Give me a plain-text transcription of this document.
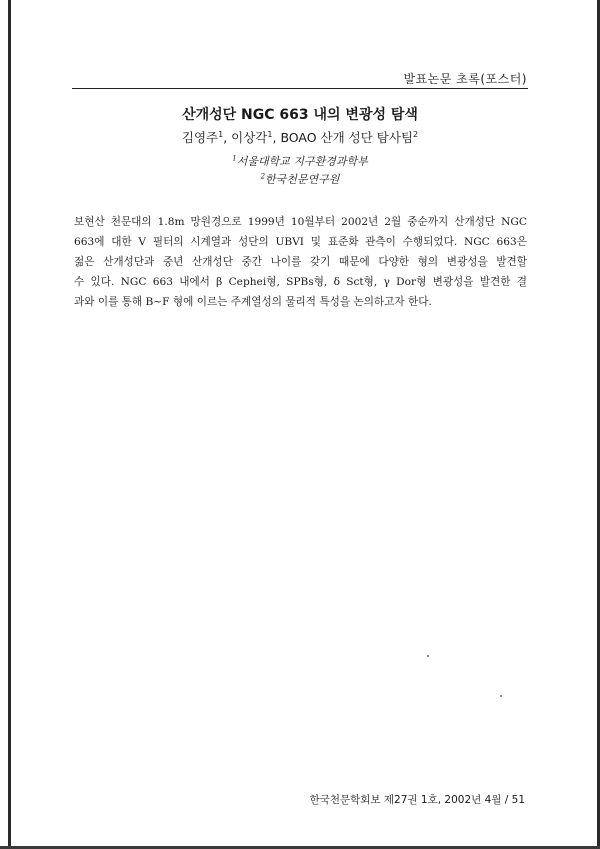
발표논문 초록(포스터)
산개성단 NGC 663 내의 변광성 탐색
김영주$^1$, 이상각$^1$, BOAO 산개 성단 탐사팀$^2$
$^1$서울대학교 지구환경과학부
$^2$한국천문연구원

보현산 천문대의 1.8m 망원경으로 1999년 10월부터 2002년 2월 중순까지 산개성단 NGC
663에 대한 V 필터의 시계열과 성단의 UBVI 및 표준화 관측이 수행되었다. NGC 663은
젊은 산개성단과 중년 산개성단 중간 나이를 갖기 때문에 다양한 형의 변광성을 발견할
수 있다. NGC 663 내에서 β Cephei형, SPBs형, δ Sct형, γ Dor형 변광성을 발견한 결
과와 이를 통해 B~F 형에 이르는 주계열성의 물리적 특성을 논의하고자 한다.

한국천문학회보 제27권 1호, 2002년 4월 / 51
